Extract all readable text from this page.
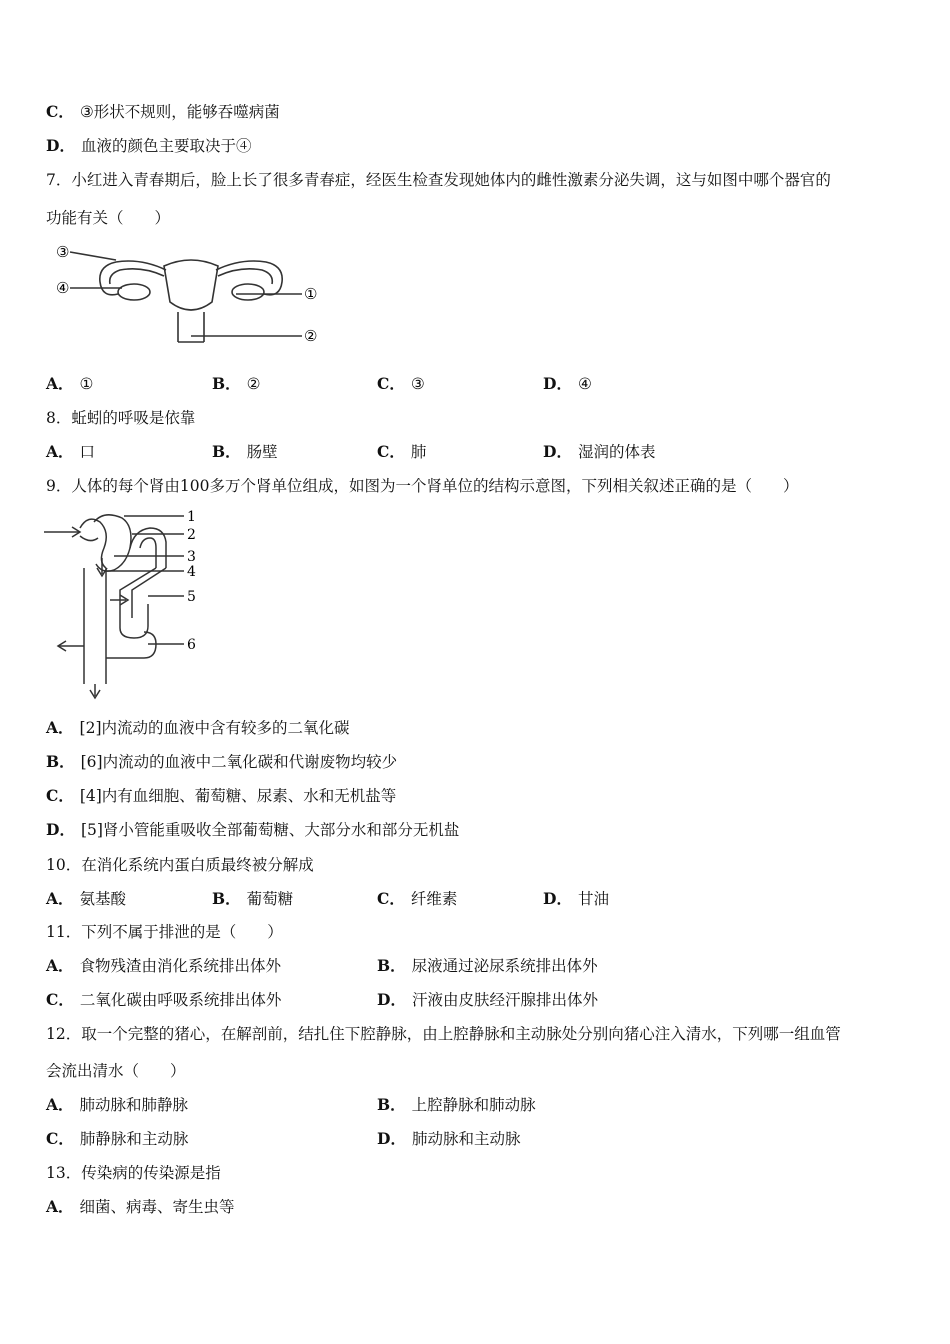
C． ③形状不规则，能够吞噬病菌
D． 血液的颜色主要取决于④
7．小红进入青春期后，脸上长了很多青春症，经医生检查发现她体内的雌性激素分泌失调，这与如图中哪个器官的
功能有关（　　）
③
④	①
②
A． ①	B． ②	C． ③	D． ④
8．蚯蚓的呼吸是依靠
A． 口	B． 肠壁	C． 肺	D． 湿润的体表
9．人体的每个肾由100多万个肾单位组成，如图为一个肾单位的结构示意图，下列相关叙述正确的是（　　）
1
2
3
4
5
6
A． [2]内流动的血液中含有较多的二氧化碳
B． [6]内流动的血液中二氧化碳和代谢废物均较少
C． [4]内有血细胞、葡萄糖、尿素、水和无机盐等
D． [5]肾小管能重吸收全部葡萄糖、大部分水和部分无机盐
10．在消化系统内蛋白质最终被分解成
A． 氨基酸	B． 葡萄糖	C． 纤维素	D． 甘油
11．下列不属于排泄的是（　　）
A． 食物残渣由消化系统排出体外	B． 尿液通过泌尿系统排出体外
C． 二氧化碳由呼吸系统排出体外	D． 汗液由皮肤经汗腺排出体外
12．取一个完整的猪心，在解剖前，结扎住下腔静脉，由上腔静脉和主动脉处分别向猪心注入清水，下列哪一组血管
会流出清水（　　）
A． 肺动脉和肺静脉	B． 上腔静脉和肺动脉
C． 肺静脉和主动脉	D． 肺动脉和主动脉
13．传染病的传染源是指
A． 细菌、病毒、寄生虫等
